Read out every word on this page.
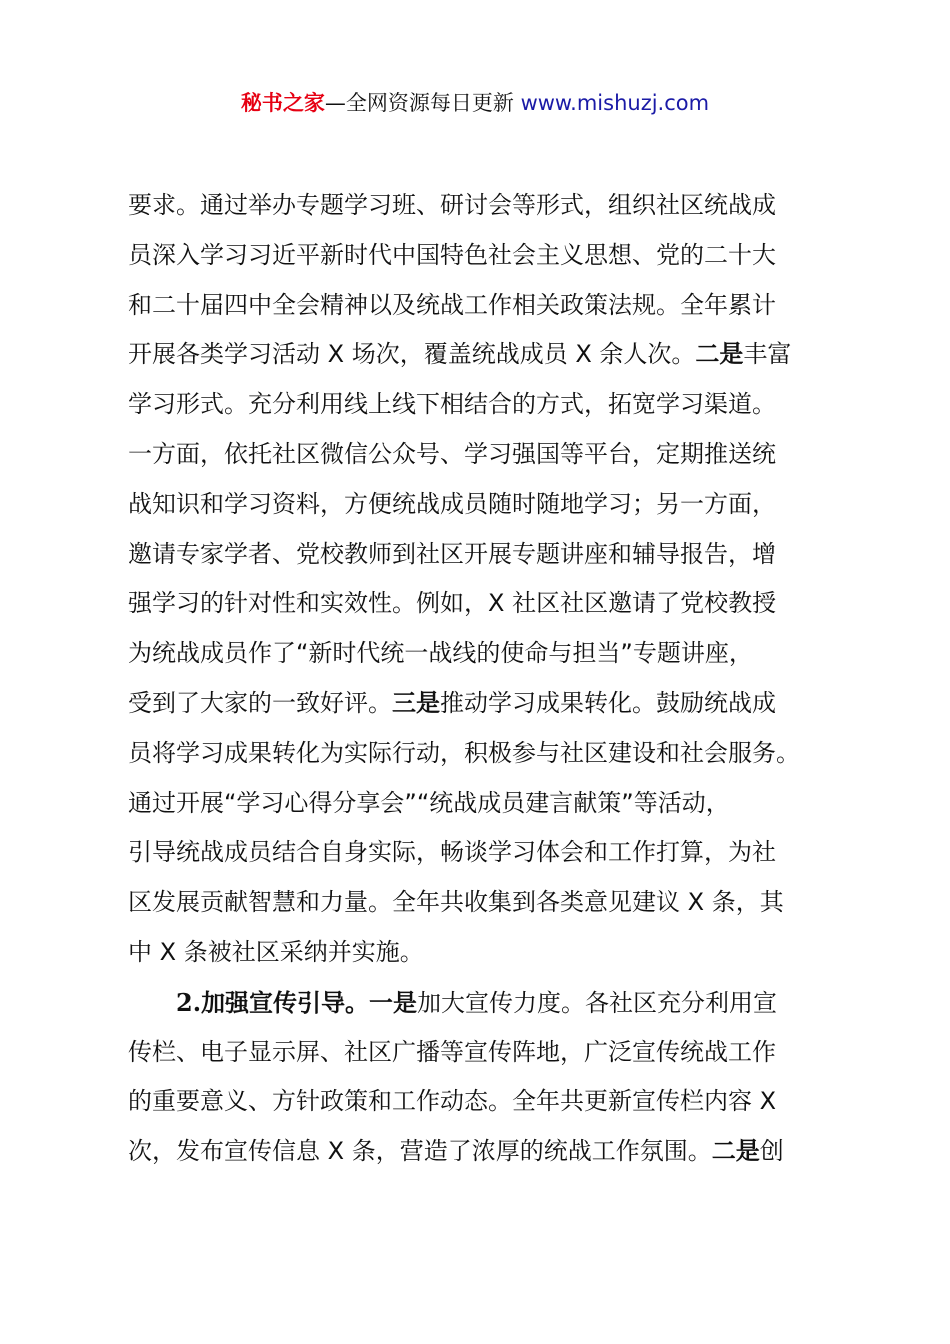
秘书之家—全网资源每日更新 www.mishuzj.com
要求。通过举办专题学习班、研讨会等形式，组织社区统战成
员深入学习习近平新时代中国特色社会主义思想、党的二十大
和二十届四中全会精神以及统战工作相关政策法规。全年累计
开展各类学习活动 X 场次，覆盖统战成员 X 余人次。二是丰富
学习形式。充分利用线上线下相结合的方式，拓宽学习渠道。
一方面，依托社区微信公众号、学习强国等平台，定期推送统
战知识和学习资料，方便统战成员随时随地学习；另一方面，
邀请专家学者、党校教师到社区开展专题讲座和辅导报告，增
强学习的针对性和实效性。例如，X 社区社区邀请了党校教授
为统战成员作了“新时代统一战线的使命与担当”专题讲座，
受到了大家的一致好评。三是推动学习成果转化。鼓励统战成
员将学习成果转化为实际行动，积极参与社区建设和社会服务。
通过开展“学习心得分享会”“统战成员建言献策”等活动，
引导统战成员结合自身实际，畅谈学习体会和工作打算，为社
区发展贡献智慧和力量。全年共收集到各类意见建议 X 条，其
中 X 条被社区采纳并实施。
2.加强宣传引导。一是加大宣传力度。各社区充分利用宣
传栏、电子显示屏、社区广播等宣传阵地，广泛宣传统战工作
的重要意义、方针政策和工作动态。全年共更新宣传栏内容 X
次，发布宣传信息 X 条，营造了浓厚的统战工作氛围。二是创
